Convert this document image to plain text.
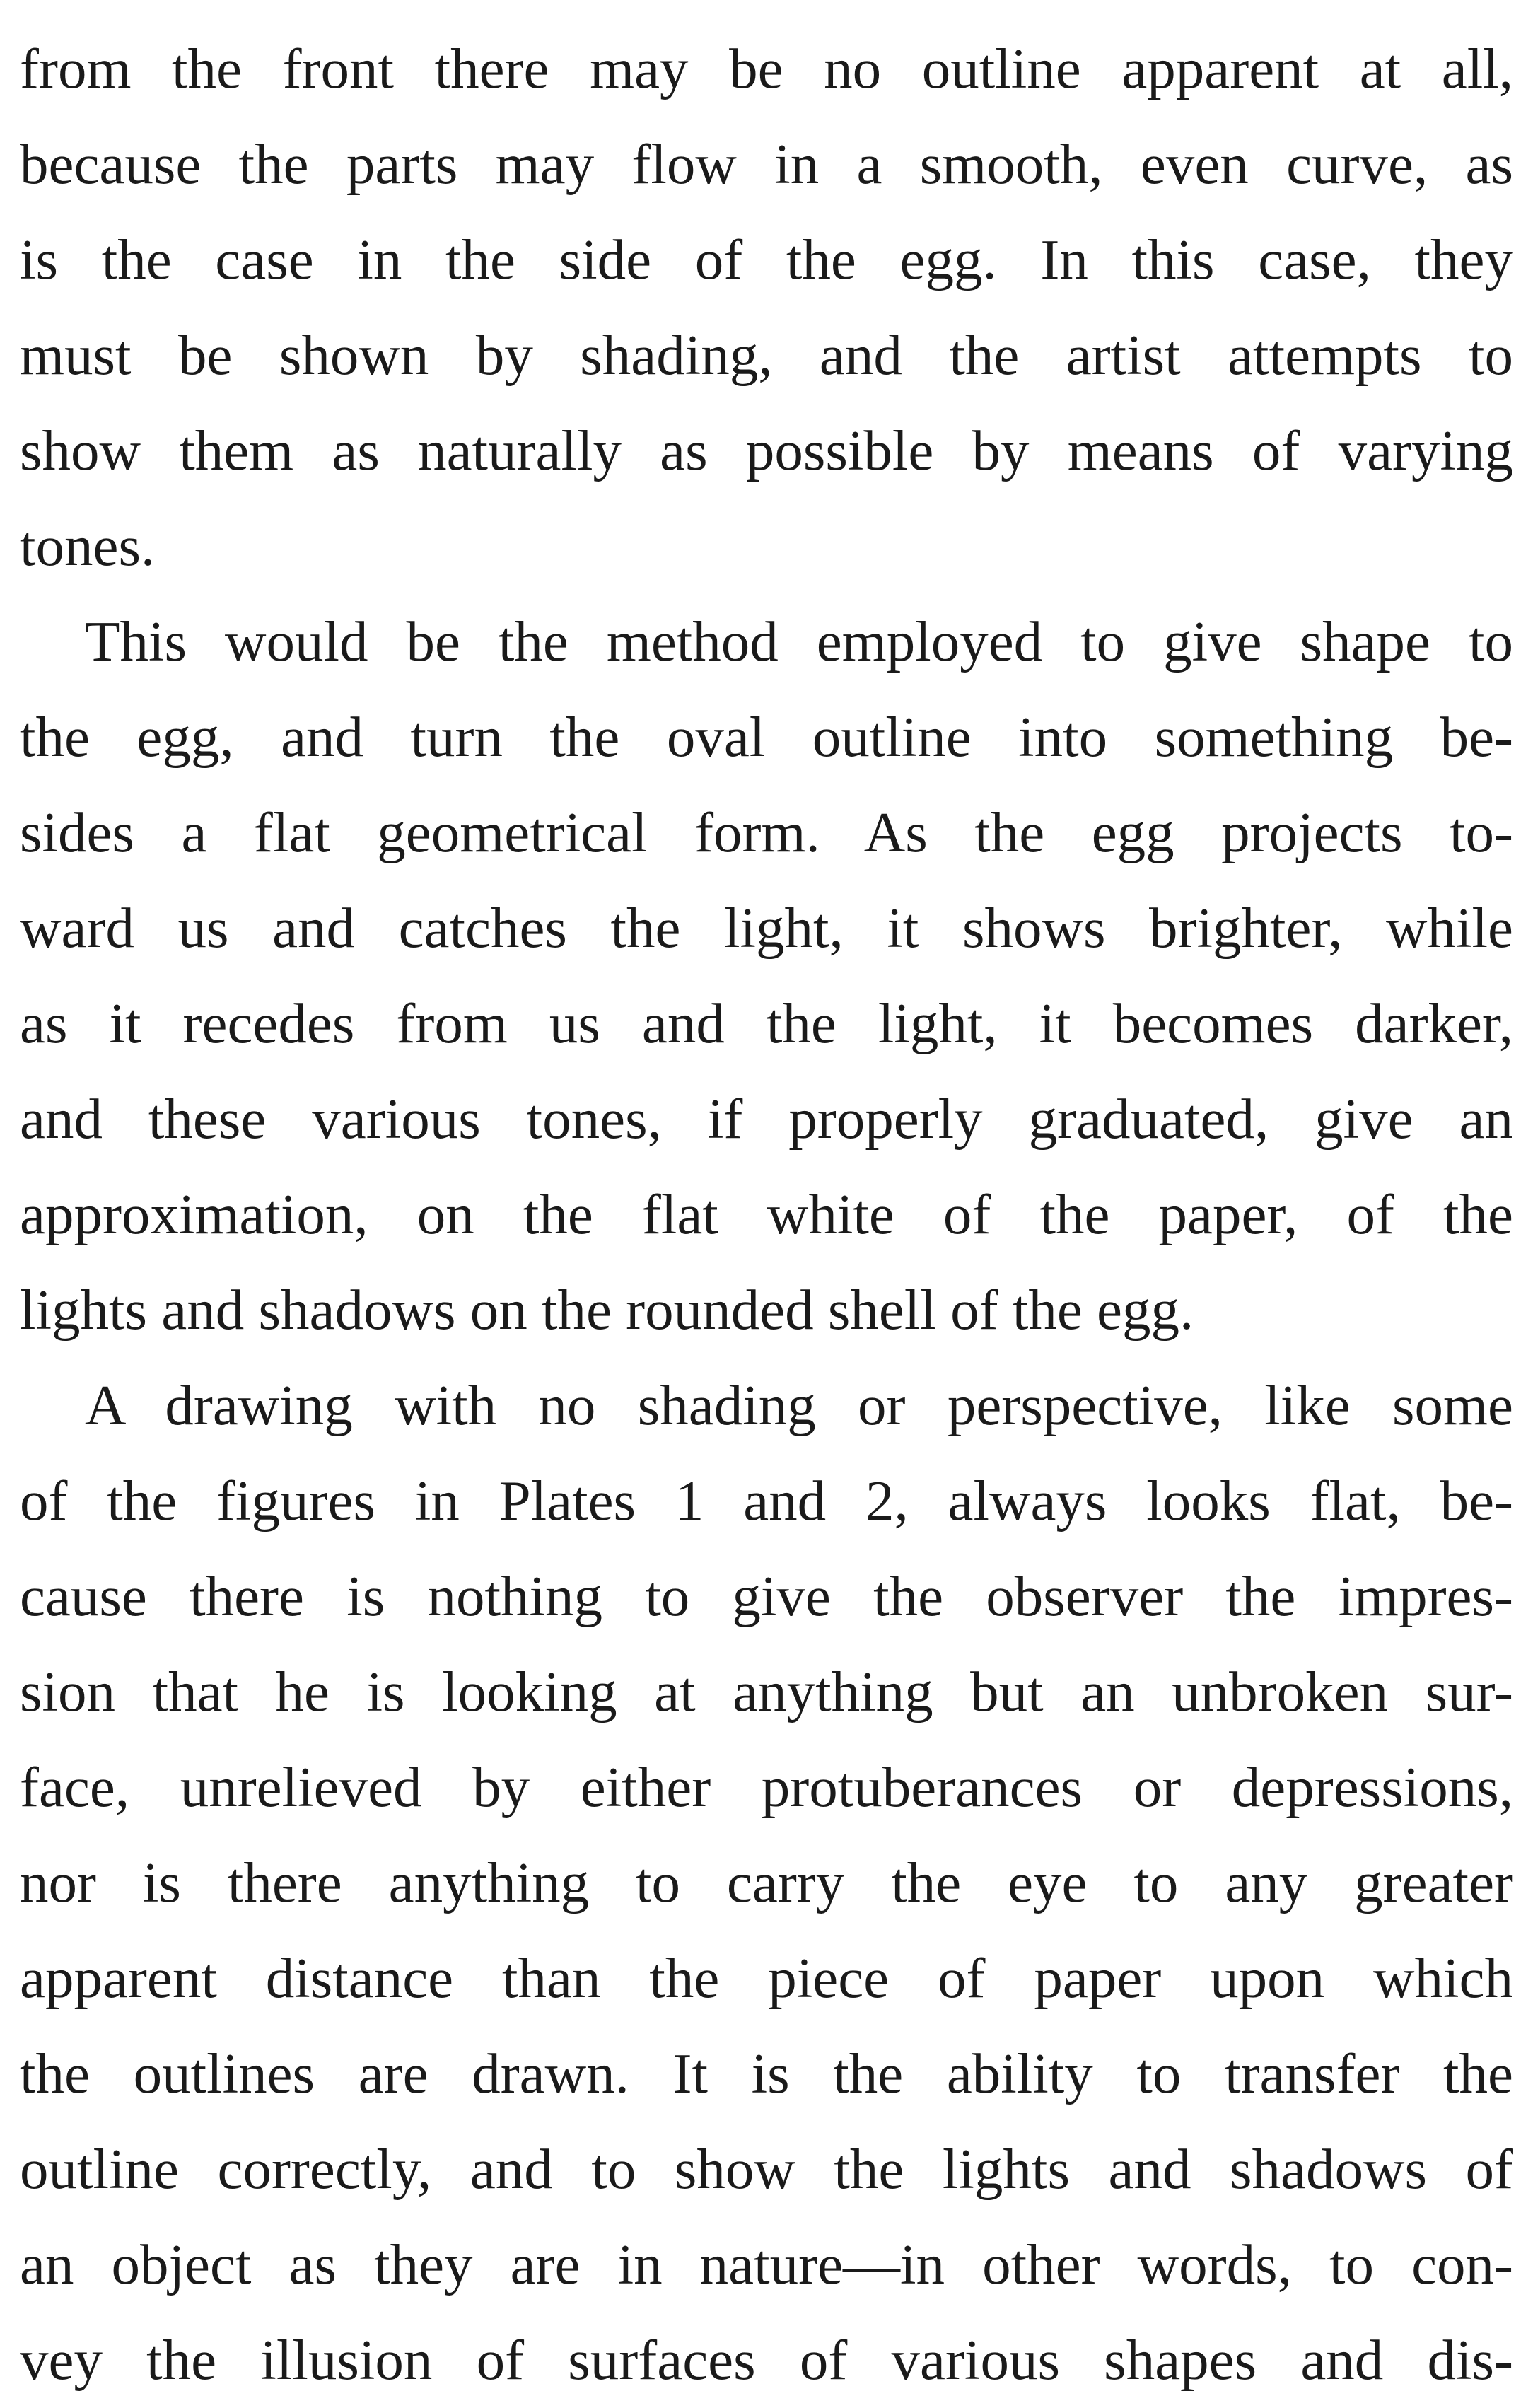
from the front there may be no outline apparent at all,
because the parts may flow in a smooth, even curve, as
is the case in the side of the egg. In this case, they
must be shown by shading, and the artist attempts to
show them as naturally as possible by means of varying
tones.
This would be the method employed to give shape to
the egg, and turn the oval outline into something be-
sides a flat geometrical form. As the egg projects to-
ward us and catches the light, it shows brighter, while
as it recedes from us and the light, it becomes darker,
and these various tones, if properly graduated, give an
approximation, on the flat white of the paper, of the
lights and shadows on the rounded shell of the egg.
A drawing with no shading or perspective, like some
of the figures in Plates 1 and 2, always looks flat, be-
cause there is nothing to give the observer the impres-
sion that he is looking at anything but an unbroken sur-
face, unrelieved by either protuberances or depressions,
nor is there anything to carry the eye to any greater
apparent distance than the piece of paper upon which
the outlines are drawn. It is the ability to transfer the
outline correctly, and to show the lights and shadows of
an object as they are in nature—in other words, to con-
vey the illusion of surfaces of various shapes and dis-
